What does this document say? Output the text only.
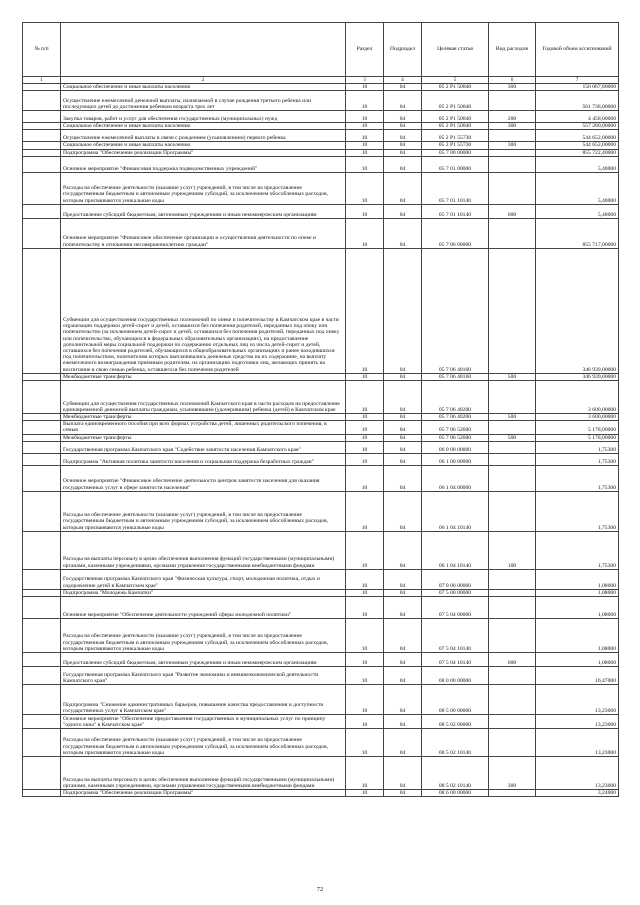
№ п/п		Раздел	Подраздел	Целевая статья	Вид расходов	Годовой объем ассигнований
1	2	3	4	5	6	7
	Социальное обеспечение и иные выплаты населению	10	04	05 2 Р1 50840	300	156 067,80000
	Осуществление ежемесячной денежной выплаты, назначаемой в случае рождения третьего ребенка или последующих детей до достижения ребенком возраста трех лет	10	04	05 2 Р1 50840		561 738,00000
	Закупка товаров, работ и услуг для обеспечения государственных (муниципальных) нужд	10	04	05 2 Р1 50840	200	4 458,00000
	Социальное обеспечение и иные выплаты населению	10	04	05 2 Р1 50840	300	557 280,00000
	Осуществление ежемесячной выплаты в связи с рождением (усыновлением) первого ребенка	10	04	05 2 Р1 55730		544 652,00000
	Социальное обеспечение и иные выплаты населению	10	04	05 2 Р1 55730	300	544 652,00000
	Подпрограмма "Обеспечение реализации Программы"	10	04	05 7 00 00000		855 722,40000
	Основное мероприятие "Финансовая поддержка подведомственных учреждений"	10	04	05 7 01 00000		5,40000
	Расходы на обеспечение деятельности (оказание услуг) учреждений, в том числе на предоставление государственным бюджетным и автономным учреждениям субсидий, за исключением обособленных расходов, которым присваиваются уникальные коды	10	04	05 7 01 10140		5,40000
	Предоставление субсидий бюджетным, автономным учреждениям и иным некоммерческим организациям	10	04	05 7 01 10140	600	5,40000
	Основное мероприятие "Финансовое обеспечение организации и осуществления деятельности по опеке и попечительству в отношении несовершеннолетних граждан"	10	04	05 7 06 00000		855 717,00000
	Субвенции для осуществления государственных полномочий по опеке и попечительству в Камчатском крае в части organизации поддержки детей-сирот и детей, оставшихся без попечения родителей, переданных под опеку или попечительство (за исключением детей-сирот и детей, оставшихся без попечения родителей, переданных под опеку или попечительство, обучающихся в федеральных образовательных организациях), на предоставление дополнительной меры социальной поддержки по содержанию отдельных лиц из числа детей-сирот и детей, оставшихся без попечения родителей, обучающихся в общеобразовательных организациях и ранее находившихся под попечительством, попечителям которых выплачивались денежные средства на их содержание, на выплату ежемесячного вознаграждения приемным родителям, на организацию подготовки лиц, желающих принять на воспитание в свою семью ребенка, оставшегося без попечения родителей	10	04	05 7 06 40160		346 939,00000
	Межбюджетные трансферты	10	04	05 7 06 40160	500	346 939,00000
	Субвенции для осуществления государственных полномочий Камчатского края в части расходов на предоставление единовременной денежной выплаты гражданам, усыновившим (удочерившим) ребенка (детей) в Камчатском крае	10	04	05 7 06 40200		3 600,00000
	Межбюджетные трансферты	10	04	05 7 06 40200	500	3 600,00000
	Выплата единовременного пособия при всех формах устройства детей, лишенных родительского попечения, в семью	10	04	05 7 06 52600		5 178,00000
	Межбюджетные трансферты	10	04	05 7 06 52600	500	5 178,00000
	Государственная программа Камчатского края "Содействие занятости населения Камчатского края"	10	04	06 0 00 00000		1,75300
	Подпрограмма "Активная политика занятости населения и социальная поддержка безработных граждан"	10	04	06 1 00 00000		1,75300
	Основное мероприятие "Финансовое обеспечение деятельности центров занятости населения для оказания государственных услуг в сфере занятости населения"	10	04	06 1 04 00000		1,75300
	Расходы на обеспечение деятельности (оказание услуг) учреждений, в том числе на предоставление государственным бюджетным и автономным учреждениям субсидий, за исключением обособленных расходов, которым присваиваются уникальные коды	10	04	06 1 04 10140		1,75300
	Расходы на выплаты персоналу в целях обеспечения выполнения функций государственными (муниципальными) органами, казенными учреждениями, органами управления государственными внебюджетными фондами	10	04	06 1 04 10140	100	1,75300
	Государственная программа Камчатского края "Физическая культура, спорт, молодежная политика, отдых и оздоровление детей в Камчатском крае"	10	04	07 0 00 00000		1,08000
	Подпрограмма "Молодежь Камчатки"	10	04	07 5 00 00000		1,08000
	Основное мероприятие "Обеспечение деятельности учреждений сферы молодежной политики"	10	04	07 5 04 00000		1,08000
	Расходы на обеспечение деятельности (оказание услуг) учреждений, в том числе на предоставление государственным бюджетным и автономным учреждениям субсидий, за исключением обособленных расходов, которым присваиваются уникальные коды	10	04	07 5 04 10140		1,08000
	Предоставление субсидий бюджетным, автономным учреждениям и иным некоммерческим организациям	10	04	07 5 04 10140	600	1,08000
	Государственная программа Камчатского края "Развитие экономики и внешнеэкономической деятельности Камчатского края"	10	04	08 0 00 00000		16,47000
	Подпрограмма "Снижение административных барьеров, повышение качества предоставления и доступности государственных услуг в Камчатском крае"	10	04	08 5 00 00000		13,23000
	Основное мероприятие "Обеспечение предоставления государственных в муниципальных услуг по принципу "одного окна" в Камчатском крае"	10	04	08 5 02 00000		13,23000
	Расходы на обеспечение деятельности (оказание услуг) учреждений, в том числе на предоставление государственным бюджетным и автономным учреждениям субсидий, за исключением обособленных расходов, которым присваиваются уникальные коды	10	04	08 5 02 10140		13,23000
	Расходы на выплаты персоналу в целях обеспечения выполнения функций государственными (муниципальными) органами, казенными учреждениями, органами управления государственными внебюджетными фондами	10	04	08 5 02 10140	300	13,23000
	Подпрограмма "Обеспечение реализации Программы"	10	04	08 6 00 00000		3,24000
72
